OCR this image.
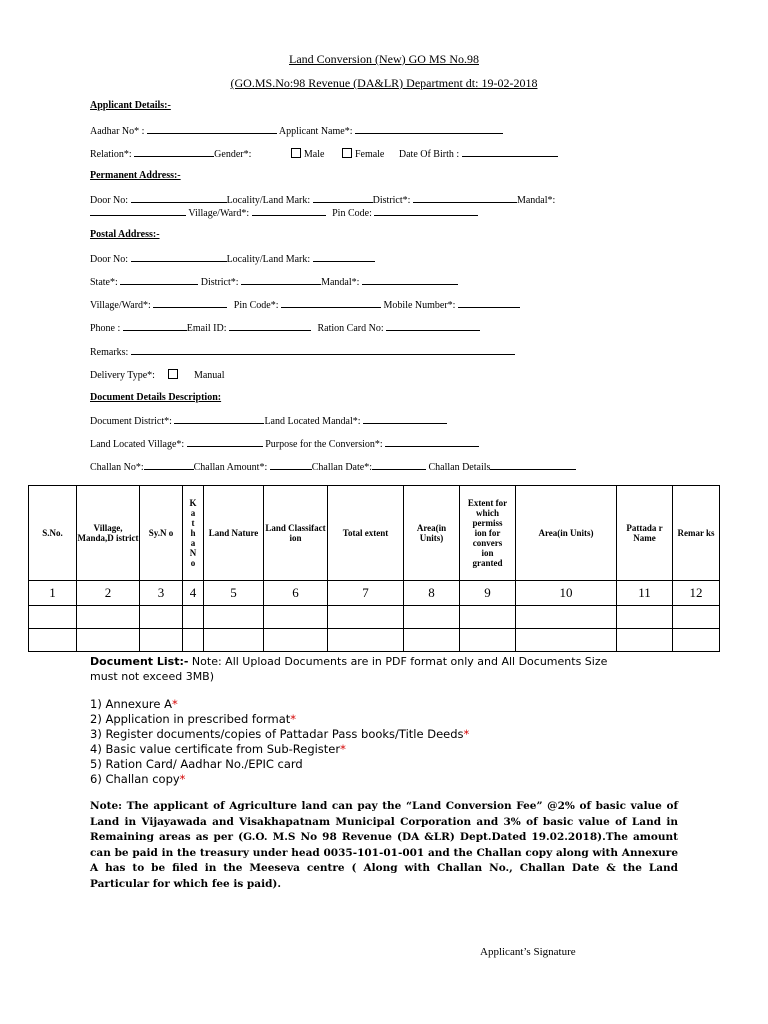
Land Conversion (New) GO MS No.98
(GO.MS.No:98 Revenue (DA&LR) Department dt: 19-02-2018
Applicant Details:-
Aadhar No* :	Applicant Name*:
Relation*:	Gender*:	Male	Female Date Of Birth :
Permanent Address:-
Door No:	Locality/Land Mark:	District*:	Mandal*:
Village/Ward*:	Pin Code:
Postal Address:-
Door No:	Locality/Land Mark:
State*:	District*:	Mandal*:
Village/Ward*:	Pin Code*:	Mobile Number*:
Phone :	Email ID:	Ration Card No:
Remarks:
Delivery Type*:	Manual
Document Details Description:
Document District*:	Land Located Mandal*:
Land Located Village*:	Purpose for the Conversion*:
Challan No*:	Challan Amount*:	Challan Date*:	Challan Details
S.No.	Village, Manda,D istrict	Sy.N o	K a t h a N o	Land Nature	Land Classifact ion	Total extent	Area(in Units)	Extent for which permiss ion for convers ion granted	Area(in Units)	Pattada r Name	Remar ks
1	2	3	4	5	6	7	8	9	10	11	12

Document List:- Note: All Upload Documents are in PDF format only and All Documents Size
must not exceed 3MB)
1) Annexure A*
2) Application in prescribed format*
3) Register documents/copies of Pattadar Pass books/Title Deeds*
4) Basic value certificate from Sub-Register*
5) Ration Card/ Aadhar No./EPIC card
6) Challan copy*
Note: The applicant of Agriculture land can pay the “Land Conversion Fee” @2% of basic value of Land in Vijayawada and Visakhapatnam Municipal Corporation and 3% of basic value of Land in Remaining areas as per (G.O. M.S No 98 Revenue (DA &LR) Dept.Dated 19.02.2018).The amount can be paid in the treasury under head 0035-101-01-001 and the Challan copy along with Annexure A has to be filed in the Meeseva centre ( Along with Challan No., Challan Date & the Land Particular for which fee is paid).
Applicant’s Signature
